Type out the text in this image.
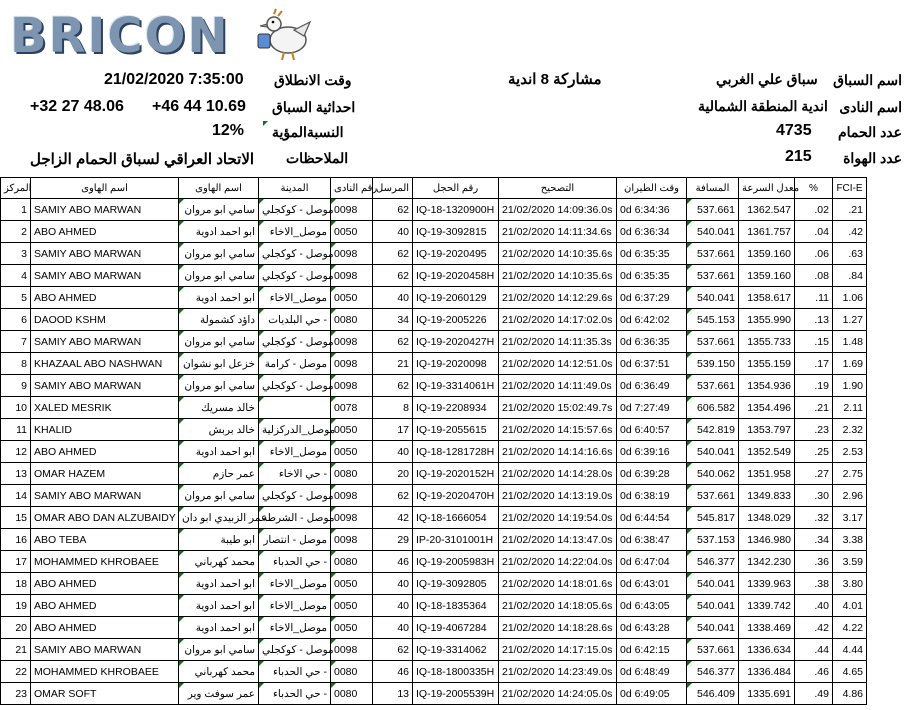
BRICON
اسم السباق
سباق علي الغربي
اسم النادى
اندية المنطقة الشمالية
عدد الحمام
4735
عدد الهواة
215
مشاركة 8 اندية
وقت الانطلاق
21/02/2020 7:35:00
احداثية السباق
+46 44 10.69
+32 27 48.06
النسبةالمؤية
12%
الملاحظات
الاتحاد العراقي لسباق الحمام الزاجل
المركز	اسم الهاوى	اسم الهاوى	المدينة	رقم النادى	المرسل	رقم الحجل	التصحيح	وقت الطيران	المسافة	معدل السرعة	%	FCI-E
1	SAMIY ABO MARWAN	سامي ابو مروان	موصل - كوكجلي	0098	62	IQ-18-1320900H	21/02/2020 14:09:36.0s	0d 6:34:36	537.661	1362.547	.02	.21
2	ABO AHMED	ابو احمد ادوية	موصل_الاخاء	0050	40	IQ-19-3092815	21/02/2020 14:11:34.6s	0d 6:36:34	540.041	1361.757	.04	.42
3	SAMIY ABO MARWAN	سامي ابو مروان	موصل - كوكجلي	0098	62	IQ-19-2020495	21/02/2020 14:10:35.6s	0d 6:35:35	537.661	1359.160	.06	.63
4	SAMIY ABO MARWAN	سامي ابو مروان	موصل - كوكجلي	0098	62	IQ-19-2020458H	21/02/2020 14:10:35.6s	0d 6:35:35	537.661	1359.160	.08	.84
5	ABO AHMED	ابو احمد ادوية	موصل_الاخاء	0050	40	IQ-19-2060129	21/02/2020 14:12:29.6s	0d 6:37:29	540.041	1358.617	.11	1.06
6	DAOOD KSHM	داؤد كشمولة	حي البلديات -	0080	34	IQ-19-2005226	21/02/2020 14:17:02.0s	0d 6:42:02	545.153	1355.990	.13	1.27
7	SAMIY ABO MARWAN	سامي ابو مروان	موصل - كوكجلي	0098	62	IQ-19-2020427H	21/02/2020 14:11:35.3s	0d 6:36:35	537.661	1355.733	.15	1.48
8	KHAZAAL ABO NASHWAN	خزعل ابو نشوان	موصل - كرامة	0098	21	IQ-19-2020098	21/02/2020 14:12:51.0s	0d 6:37:51	539.150	1355.159	.17	1.69
9	SAMIY ABO MARWAN	سامي ابو مروان	موصل - كوكجلي	0098	62	IQ-19-3314061H	21/02/2020 14:11:49.0s	0d 6:36:49	537.661	1354.936	.19	1.90
10	XALED MESRIK	خالد مسريك		0078	8	IQ-19-2208934	21/02/2020 15:02:49.7s	0d 7:27:49	606.582	1354.496	.21	2.11
11	KHALID	خالد بربش	موصل_الدركزلية	0050	17	IQ-19-2055615	21/02/2020 14:15:57.6s	0d 6:40:57	542.819	1353.797	.23	2.32
12	ABO AHMED	ابو احمد ادوية	موصل_الاخاء	0050	40	IQ-18-1281728H	21/02/2020 14:14:16.6s	0d 6:39:16	540.041	1352.549	.25	2.53
13	OMAR HAZEM	عمر حازم	حي الاخاء -	0080	20	IQ-19-2020152H	21/02/2020 14:14:28.0s	0d 6:39:28	540.062	1351.958	.27	2.75
14	SAMIY ABO MARWAN	سامي ابو مروان	موصل - كوكجلي	0098	62	IQ-19-2020470H	21/02/2020 14:13:19.0s	0d 6:38:19	537.661	1349.833	.30	2.96
15	OMAR ABO DAN ALZUBAIDY	عمر الزبيدي ابو دان	موصل - الشرطة	0098	42	IQ-18-1666054	21/02/2020 14:19:54.0s	0d 6:44:54	545.817	1348.029	.32	3.17
16	ABO TEBA	ابو طيبة	موصل - انتصار	0098	29	IP-20-3101001H	21/02/2020 14:13:47.0s	0d 6:38:47	537.153	1346.980	.34	3.38
17	MOHAMMED KHROBAEE	محمد كهرباني	حي الحدباء -	0080	46	IQ-19-2005983H	21/02/2020 14:22:04.0s	0d 6:47:04	546.377	1342.230	.36	3.59
18	ABO AHMED	ابو احمد ادوية	موصل_الاخاء	0050	40	IQ-19-3092805	21/02/2020 14:18:01.6s	0d 6:43:01	540.041	1339.963	.38	3.80
19	ABO AHMED	ابو احمد ادوية	موصل_الاخاء	0050	40	IQ-18-1835364	21/02/2020 14:18:05.6s	0d 6:43:05	540.041	1339.742	.40	4.01
20	ABO AHMED	ابو احمد ادوية	موصل_الاخاء	0050	40	IQ-19-4067284	21/02/2020 14:18:28.6s	0d 6:43:28	540.041	1338.469	.42	4.22
21	SAMIY ABO MARWAN	سامي ابو مروان	موصل - كوكجلي	0098	62	IQ-19-3314062	21/02/2020 14:17:15.0s	0d 6:42:15	537.661	1336.634	.44	4.44
22	MOHAMMED KHROBAEE	محمد كهرباني	حي الحدباء -	0080	46	IQ-18-1800335H	21/02/2020 14:23:49.0s	0d 6:48:49	546.377	1336.484	.46	4.65
23	OMAR SOFT	عمر سوفت وير	حي الحدباء -	0080	13	IQ-19-2005539H	21/02/2020 14:24:05.0s	0d 6:49:05	546.409	1335.691	.49	4.86
